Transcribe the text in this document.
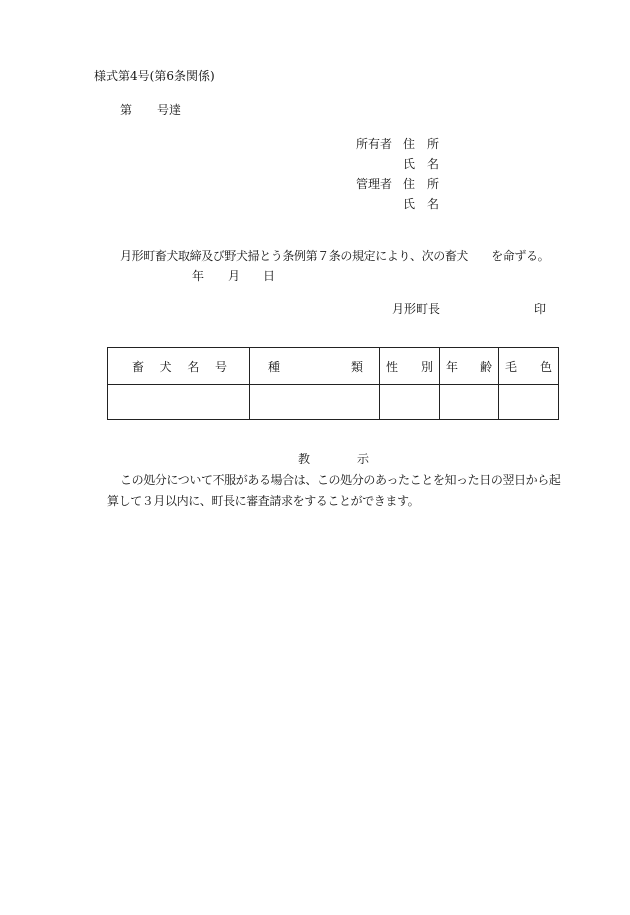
様式第4号(第6条関係)
第 号達
所有者 住 所
氏 名
管理者 住 所
氏 名
月形町畜犬取締及び野犬掃とう条例第７条の規定により、次の畜犬　　を命ずる。
年 月 日
月形町長	印
畜 犬 名 号	種 類	性 別	年 齢	毛 色

教	示
この処分について不服がある場合は、この処分のあったことを知った日の翌日から起
算して３月以内に、町長に審査請求をすることができます。
